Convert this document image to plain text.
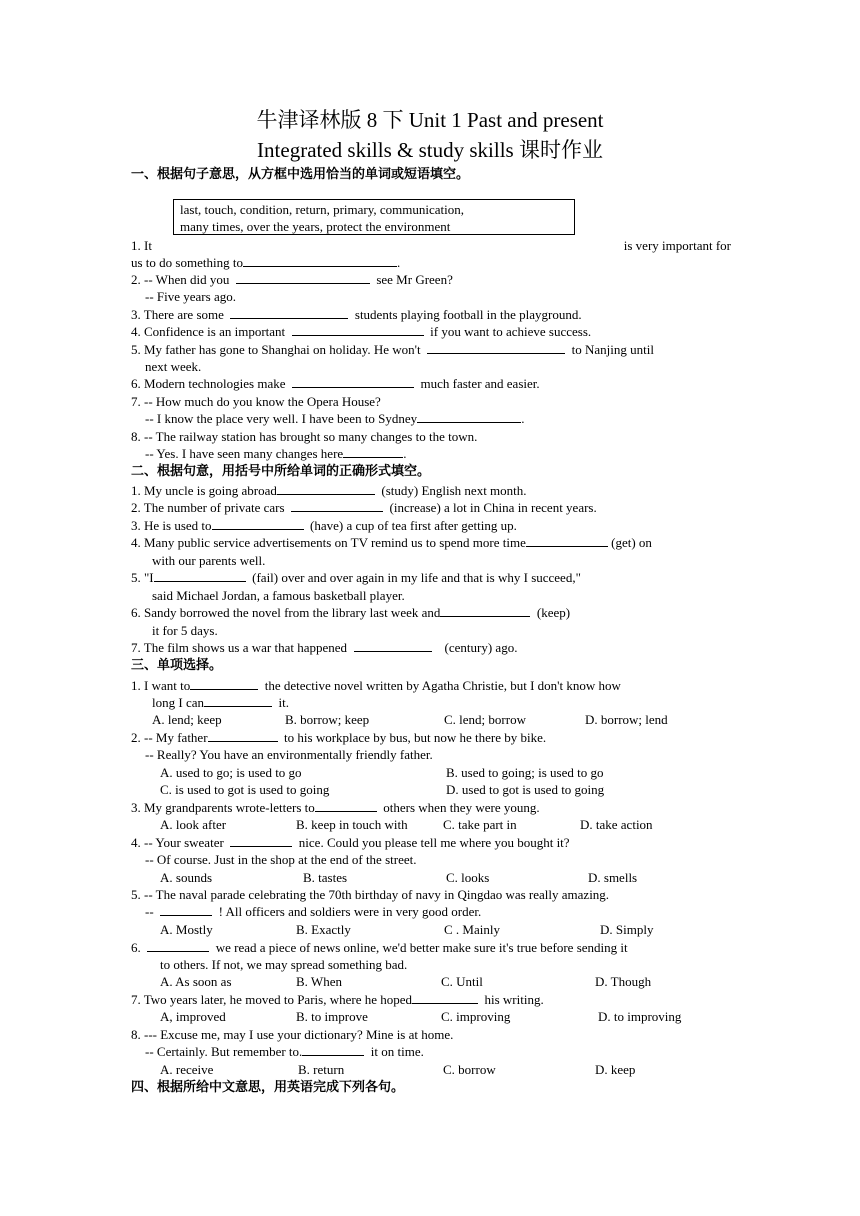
牛津译林版 8 下 Unit 1 Past and present
Integrated skills & study skills 课时作业
一、根据句子意思，从方框中选用恰当的单词或短语填空。
last, touch, condition, return, primary, communication,
many times, over the years, protect the environment
1. It	is very important for
us to do something to	.
2. -- When did you	see Mr Green?
-- Five years ago.
3. There are some	students playing football in the playground.
4. Confidence is an important	if you want to achieve success.
5. My father has gone to Shanghai on holiday. He won't	to Nanjing until
next week.
6. Modern technologies make	much faster and easier.
7. -- How much do you know the Opera House?
-- I know the place very well. I have been to Sydney	.
8. -- The railway station has brought so many changes to the town.
-- Yes. I have seen many changes here	.
二、根据句意，用括号中所给单词的正确形式填空。
1. My uncle is going abroad	(study) English next month.
2. The number of private cars	(increase) a lot in China in recent years.
3. He is used to	(have) a cup of tea first after getting up.
4. Many public service advertisements on TV remind us to spend more time	(get) on
with our parents well.
5. "I	(fail) over and over again in my life and that is why I succeed,"
said Michael Jordan, a famous basketball player.
6. Sandy borrowed the novel from the library last week and	(keep)
it for 5 days.
7. The film shows us a war that happened	(century) ago.
三、单项选择。
1. I want to	the detective novel written by Agatha Christie, but I don't know how
long I can	it.
A. lend; keep	B. borrow; keep	C. lend; borrow	D. borrow; lend
2. -- My father	to his workplace by bus, but now he there by bike.
-- Really? You have an environmentally friendly father.
A. used to go; is used to go	B. used to going; is used to go
C. is used to got is used to going	D. used to got is used to going
3. My grandparents wrote-letters to	others when they were young.
A. look after	B. keep in touch with	C. take part in	D. take action
4. -- Your sweater	nice. Could you please tell me where you bought it?
-- Of course. Just in the shop at the end of the street.
A. sounds	B. tastes	C. looks	D. smells
5. -- The naval parade celebrating the 70th birthday of navy in Qingdao was really amazing.
--	! All officers and soldiers were in very good order.
A. Mostly	B. Exactly	C . Mainly	D. Simply
6.	we read a piece of news online, we'd better make sure it's true before sending it
to others. If not, we may spread something bad.
A. As soon as	B. When	C. Until	D. Though
7. Two years later, he moved to Paris, where he hoped	his writing.
A, improved	B. to improve	C. improving	D. to improving
8. --- Excuse me, may I use your dictionary? Mine is at home.
-- Certainly. But remember to.	it on time.
A. receive	B. return	C. borrow	D. keep
四、根据所给中文意思，用英语完成下列各句。
